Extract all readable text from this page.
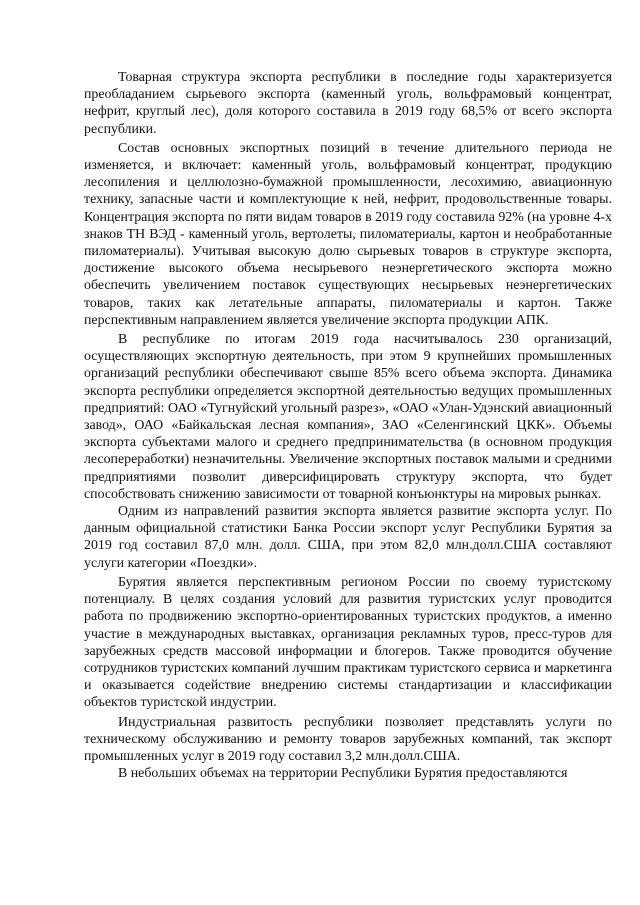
Товарная структура экспорта республики в последние годы характеризуется преобладанием сырьевого экспорта (каменный уголь, вольфрамовый концентрат, нефрит, круглый лес), доля которого составила в 2019 году 68,5% от всего экспорта республики.

Состав основных экспортных позиций в течение длительного периода не изменяется, и включает: каменный уголь, вольфрамовый концентрат, продукцию лесопиления и целлюлозно-бумажной промышленности, лесохимию, авиационную технику, запасные части и комплектующие к ней, нефрит, продовольственные товары. Концентрация экспорта по пяти видам товаров в 2019 году составила 92% (на уровне 4-х знаков ТН ВЭД - каменный уголь, вертолеты, пиломатериалы, картон и необработанные пиломатериалы). Учитывая высокую долю сырьевых товаров в структуре экспорта, достижение высокого объема несырьевого неэнергетического экспорта можно обеспечить увеличением поставок существующих несырьевых неэнергетических товаров, таких как летательные аппараты, пиломатериалы и картон. Также перспективным направлением является увеличение экспорта продукции АПК.

В республике по итогам 2019 года насчитывалось 230 организаций, осуществляющих экспортную деятельность, при этом 9 крупнейших промышленных организаций республики обеспечивают свыше 85% всего объема экспорта. Динамика экспорта республики определяется экспортной деятельностью ведущих промышленных предприятий: ОАО «Тугнуйский угольный разрез», «ОАО «Улан-Удэнский авиационный завод», ОАО «Байкальская лесная компания», ЗАО «Селенгинский ЦКК». Объемы экспорта субъектами малого и среднего предпринимательства (в основном продукция лесопереработки) незначительны. Увеличение экспортных поставок малыми и средними предприятиями позволит диверсифицировать структуру экспорта, что будет способствовать снижению зависимости от товарной конъюнктуры на мировых рынках.

Одним из направлений развития экспорта является развитие экспорта услуг. По данным официальной статистики Банка России экспорт услуг Республики Бурятия за 2019 год составил 87,0 млн. долл. США, при этом 82,0 млн.долл.США составляют услуги категории «Поездки».

Бурятия является перспективным регионом России по своему туристскому потенциалу. В целях создания условий для развития туристских услуг проводится работа по продвижению экспортно-ориентированных туристских продуктов, а именно участие в международных выставках, организация рекламных туров, пресс-туров для зарубежных средств массовой информации и блогеров. Также проводится обучение сотрудников туристских компаний лучшим практикам туристского сервиса и маркетинга и оказывается содействие внедрению системы стандартизации и классификации объектов туристской индустрии.

Индустриальная развитость республики позволяет представлять услуги по техническому обслуживанию и ремонту товаров зарубежных компаний, так экспорт промышленных услуг в 2019 году составил 3,2 млн.долл.США.

В небольших объемах на территории Республики Бурятия предоставляются
